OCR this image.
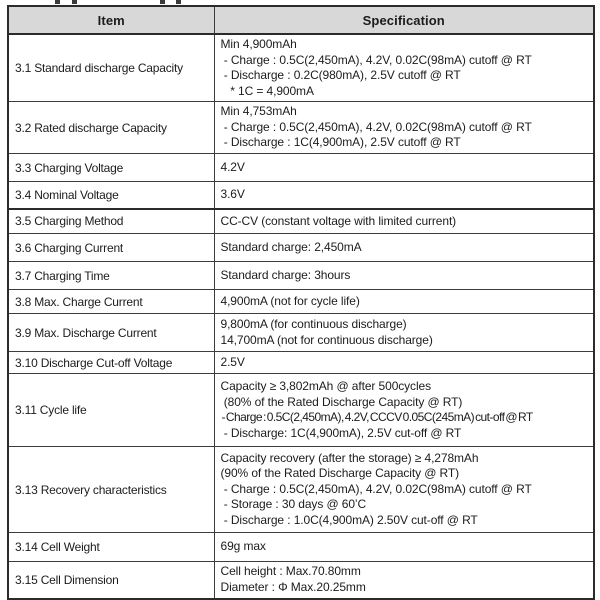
Item	Specification
3.1 Standard discharge Capacity	Min 4,900mAh
- Charge : 0.5C(2,450mA), 4.2V, 0.02C(98mA) cutoff @ RT
- Discharge : 0.2C(980mA), 2.5V cutoff @ RT
* 1C = 4,900mA

3.2 Rated discharge Capacity	Min 4,753mAh
- Charge : 0.5C(2,450mA), 4.2V, 0.02C(98mA) cutoff @ RT
- Discharge : 1C(4,900mA), 2.5V cutoff @ RT

3.3 Charging Voltage	4.2V

3.4 Nominal Voltage	3.6V

3.5 Charging Method	CC-CV (constant voltage with limited current)

3.6 Charging Current	Standard charge: 2,450mA

3.7 Charging Time	Standard charge: 3hours

3.8 Max. Charge Current	4,900mA (not for cycle life)

3.9 Max. Discharge Current	9,800mA (for continuous discharge)
14,700mA (not for continuous discharge)

3.10 Discharge Cut-off Voltage	2.5V

3.11 Cycle life	Capacity ≥ 3,802mAh @ after 500cycles
(80% of the Rated Discharge Capacity @ RT)
- Charge : 0.5C(2,450mA), 4.2V, CCCV 0.05C(245mA) cut-off @ RT
- Discharge: 1C(4,900mA), 2.5V cut-off @ RT

3.13 Recovery characteristics	Capacity recovery (after the storage) ≥ 4,278mAh
(90% of the Rated Discharge Capacity @ RT)
- Charge : 0.5C(2,450mA), 4.2V, 0.02C(98mA) cutoff @ RT
- Storage : 30 days @ 60’C
- Discharge : 1.0C(4,900mA) 2.50V cut-off @ RT

3.14 Cell Weight	69g max

3.15 Cell Dimension	Cell height : Max.70.80mm
Diameter : Φ Max.20.25mm
